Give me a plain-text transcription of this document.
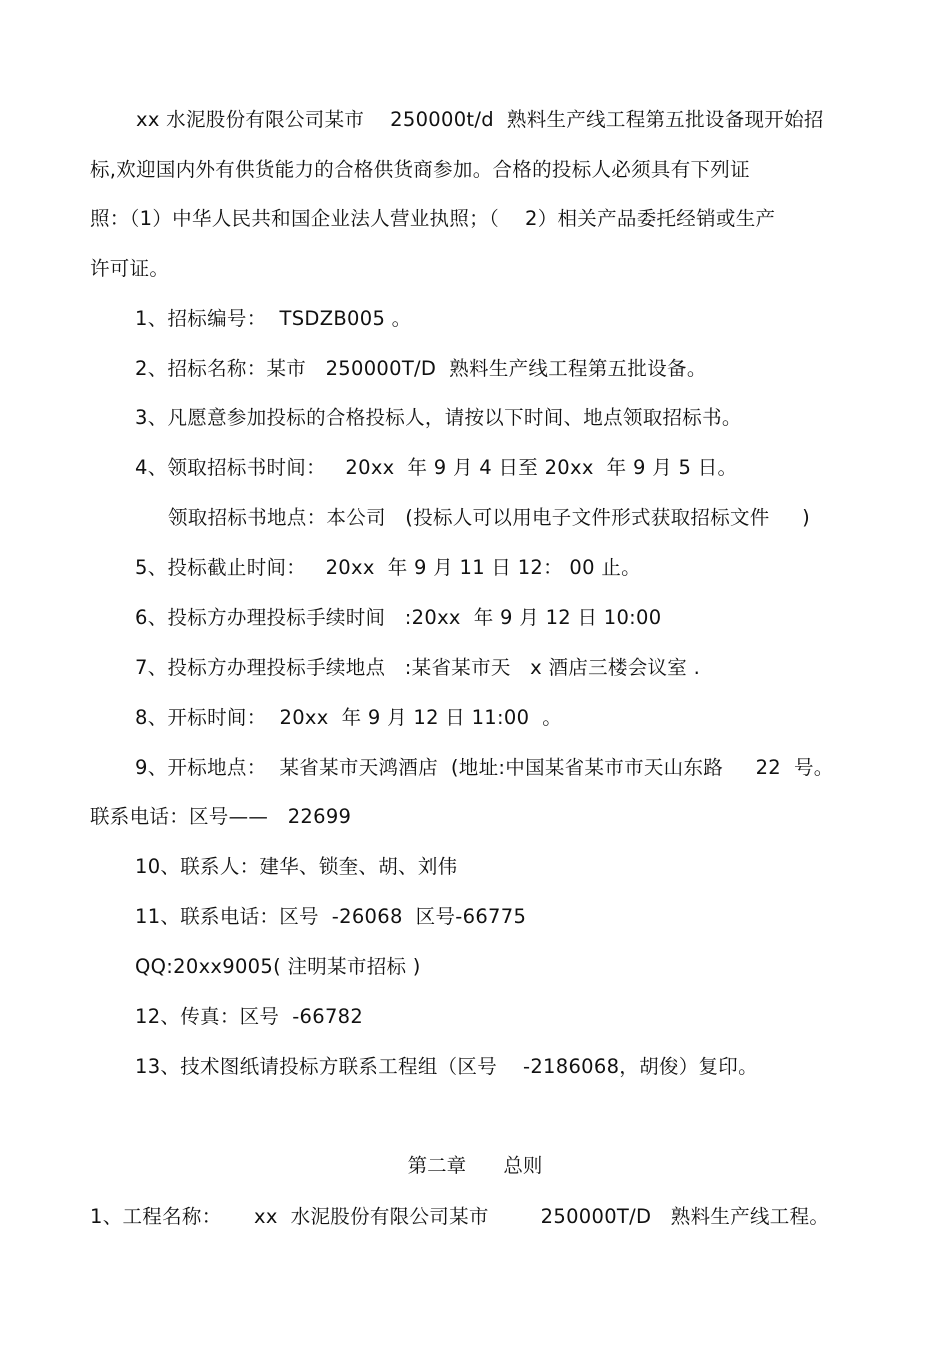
xx 水泥股份有限公司某市    250000t/d  熟料生产线工程第五批设备现开始招
标,欢迎国内外有供货能力的合格供货商参加。合格的投标人必须具有下列证
照：（1）中华人民共和国企业法人营业执照；（    2）相关产品委托经销或生产
许可证。
1、招标编号：  TSDZB005 。
2、招标名称：某市   250000T/D  熟料生产线工程第五批设备。
3、凡愿意参加投标的合格投标人，请按以下时间、地点领取招标书。
4、领取招标书时间：   20xx  年 9 月 4 日至 20xx  年 9 月 5 日。
领取招标书地点：本公司   (投标人可以用电子文件形式获取招标文件     )
5、投标截止时间：   20xx  年 9 月 11 日 12： 00 止。
6、投标方办理投标手续时间   :20xx  年 9 月 12 日 10:00
7、投标方办理投标手续地点   :某省某市天   x 酒店三楼会议室 .
8、开标时间：  20xx  年 9 月 12 日 11:00  。
9、开标地点：  某省某市天鸿酒店  (地址:中国某省某市市天山东路     22  号。
联系电话：区号——   22699
10、联系人：建华、锁奎、胡、刘伟
11、联系电话：区号  -26068  区号-66775
QQ:20xx9005( 注明某市招标 )
12、传真：区号  -66782
13、技术图纸请投标方联系工程组（区号    -2186068，胡俊）复印。
第二章      总则
1、工程名称：     xx  水泥股份有限公司某市        250000T/D   熟料生产线工程。
